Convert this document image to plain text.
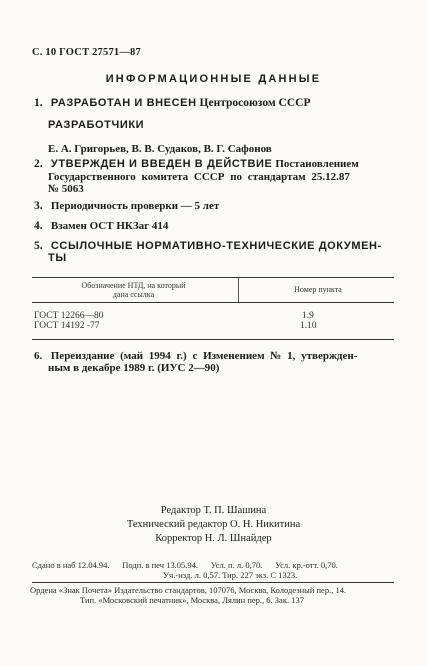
С. 10 ГОСТ 27571—87
ИНФОРМАЦИОННЫЕ ДАННЫЕ
1. РАЗРАБОТАН И ВНЕСЕН Центросоюзом СССР
РАЗРАБОТЧИКИ
Е. А. Григорьев, В. В. Судаков, В. Г. Сафонов
2. УТВЕРЖДЕН И ВВЕДЕН В ДЕЙСТВИЕ Постановлением
Государственного комитета СССР по стандартам 25.12.87
№ 5063
3. Периодичность проверки — 5 лет
4. Взамен ОСТ НКЗаг 414
5. ССЫЛОЧНЫЕ НОРМАТИВНО-ТЕХНИЧЕСКИЕ ДОКУМЕН-
ТЫ
Обозначение НТД, на который
дана ссылка
Номер пункта
ГОСТ 12266—80	1.9
ГОСТ 14192 -77	1.10
6. Переиздание (май 1994 г.) с Изменением № 1, утвержден-
ным в декабре 1989 г. (ИУС 2—90)
Редактор Т. П. Шашина
Технический редактор О. Н. Никитина
Корректор Н. Л. Шнайдер
Сдано в наб 12.04.94.      Подп. в печ 13.05.94.      Усл. п. л. 0,70.      Усл. кр.-отт. 0,70.
Уч.-изд. л. 0,57. Тир. 227 экз. С 1323.
Ордена «Знак Почета» Издательство стандартов, 107076, Москва, Колодезный пер., 14.
Тип. «Московский печатник», Москва, Лялин пер., 6. Зак. 137
